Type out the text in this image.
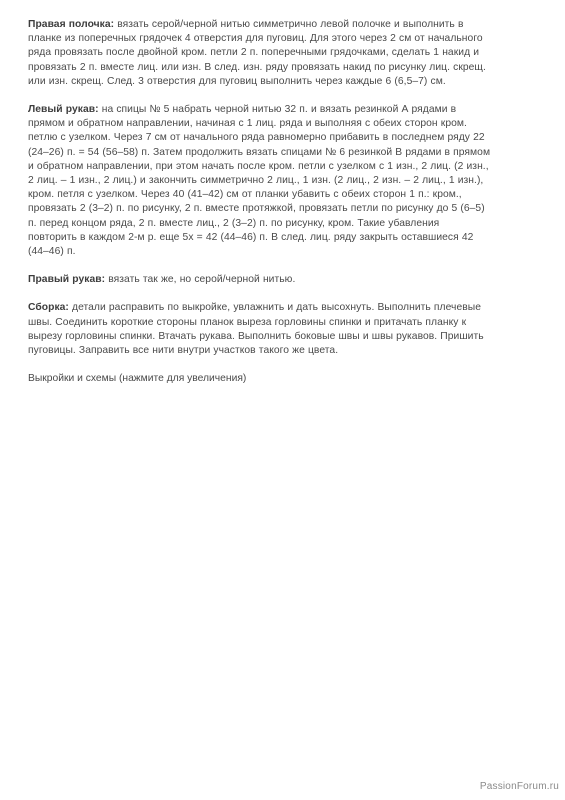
Правая полочка: вязать серой/черной нитью симметрично левой полочке и выполнить в
планке из поперечных грядочек 4 отверстия для пуговиц. Для этого через 2 см от начального
ряда провязать после двойной кром. петли 2 п. поперечными грядочками, сделать 1 накид и
провязать 2 п. вместе лиц. или изн. В след. изн. ряду провязать накид по рисунку лиц. скрещ.
или изн. скрещ. След. 3 отверстия для пуговиц выполнить через каждые 6 (6,5–7) см.
Левый рукав: на спицы № 5 набрать черной нитью 32 п. и вязать резинкой А рядами в
прямом и обратном направлении, начиная с 1 лиц. ряда и выполняя с обеих сторон кром.
петлю с узелком. Через 7 см от начального ряда равномерно прибавить в последнем ряду 22
(24–26) п. = 54 (56–58) п. Затем продолжить вязать спицами № 6 резинкой В рядами в прямом
и обратном направлении, при этом начать после кром. петли с узелком с 1 изн., 2 лиц. (2 изн.,
2 лиц. – 1 изн., 2 лиц.) и закончить симметрично 2 лиц., 1 изн. (2 лиц., 2 изн. – 2 лиц., 1 изн.),
кром. петля с узелком. Через 40 (41–42) см от планки убавить с обеих сторон 1 п.: кром.,
провязать 2 (3–2) п. по рисунку, 2 п. вместе протяжкой, провязать петли по рисунку до 5 (6–5)
п. перед концом ряда, 2 п. вместе лиц., 2 (3–2) п. по рисунку, кром. Такие убавления
повторить в каждом 2-м р. еще 5х = 42 (44–46) п. В след. лиц. ряду закрыть оставшиеся 42
(44–46) п.
Правый рукав: вязать так же, но серой/черной нитью.
Сборка: детали расправить по выкройке, увлажнить и дать высохнуть. Выполнить плечевые
швы. Соединить короткие стороны планок выреза горловины спинки и притачать планку к
вырезу горловины спинки. Втачать рукава. Выполнить боковые швы и швы рукавов. Пришить
пуговицы. Заправить все нити внутри участков такого же цвета.

Выкройки и схемы (нажмите для увеличения)

PassionForum.ru
